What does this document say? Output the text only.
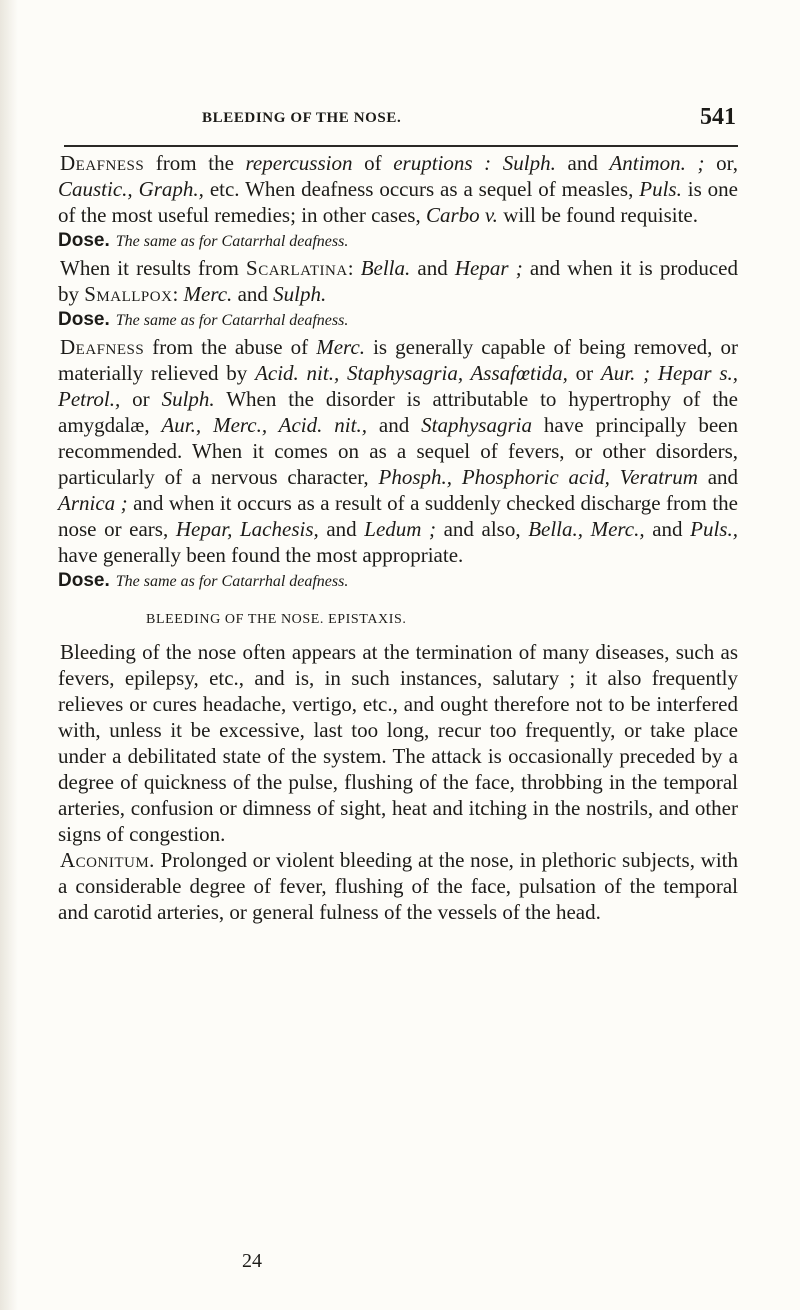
BLEEDING OF THE NOSE.	541

Deafness from the repercussion of eruptions : Sulph. and Antimon. ; or, Caustic., Graph., etc. When deafness occurs as a sequel of measles, Puls. is one of the most useful remedies; in other cases, Carbo v. will be found requisite.

Dose. The same as for Catarrhal deafness.

When it results from Scarlatina: Bella. and Hepar ; and when it is produced by Smallpox: Merc. and Sulph.

Dose. The same as for Catarrhal deafness.

Deafness from the abuse of Merc. is generally capable of being removed, or materially relieved by Acid. nit., Staphysagria, Assafœtida, or Aur. ; Hepar s., Petrol., or Sulph. When the disorder is attributable to hypertrophy of the amygdalæ, Aur., Merc., Acid. nit., and Staphysagria have principally been recommended. When it comes on as a sequel of fevers, or other disorders, particularly of a nervous character, Phosph., Phosphoric acid, Veratrum and Arnica ; and when it occurs as a result of a suddenly checked discharge from the nose or ears, Hepar, Lachesis, and Ledum ; and also, Bella., Merc., and Puls., have generally been found the most appropriate.

Dose. The same as for Catarrhal deafness.

BLEEDING OF THE NOSE. EPISTAXIS.

Bleeding of the nose often appears at the termination of many diseases, such as fevers, epilepsy, etc., and is, in such instances, salutary ; it also frequently relieves or cures headache, vertigo, etc., and ought therefore not to be interfered with, unless it be excessive, last too long, recur too frequently, or take place under a debilitated state of the system. The attack is occasionally preceded by a degree of quickness of the pulse, flushing of the face, throbbing in the temporal arteries, confusion or dimness of sight, heat and itching in the nostrils, and other signs of congestion.

Aconitum. Prolonged or violent bleeding at the nose, in plethoric subjects, with a considerable degree of fever, flushing of the face, pulsation of the temporal and carotid arteries, or general fulness of the vessels of the head.

24
